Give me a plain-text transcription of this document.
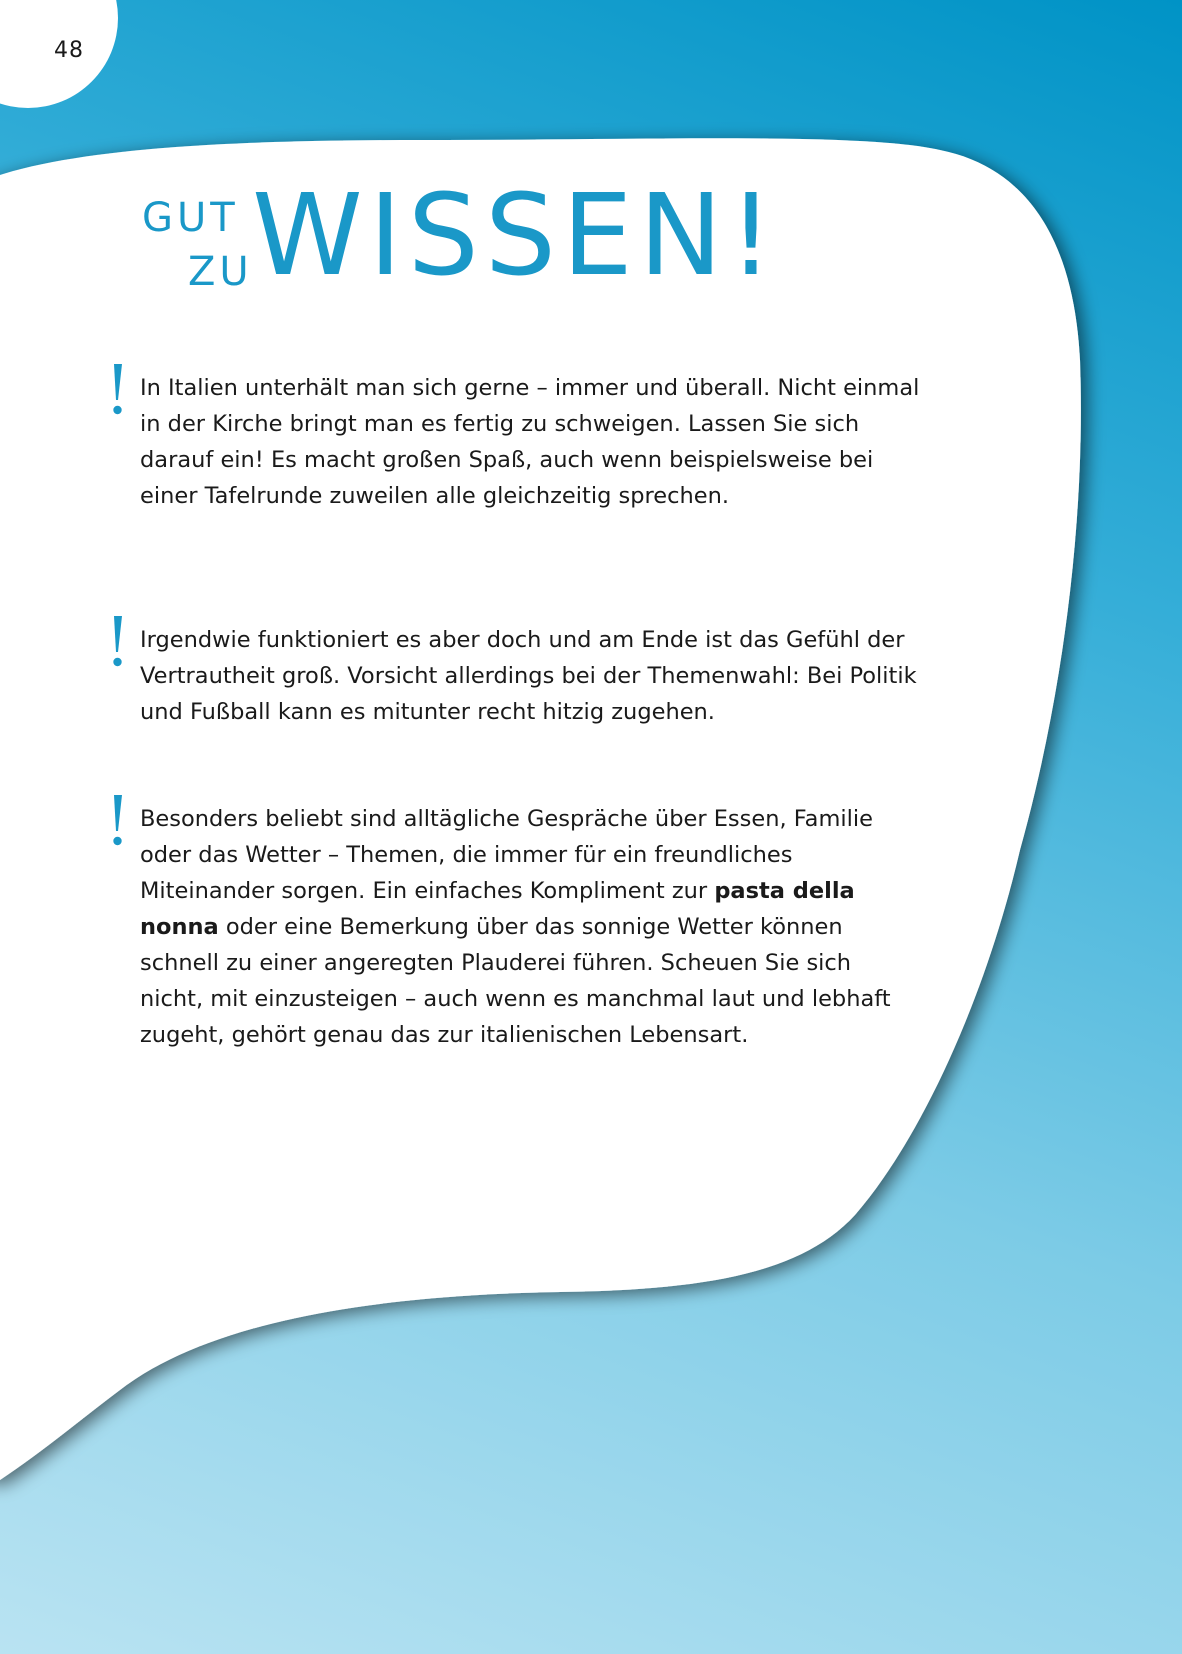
48
GUT
ZU WISSEN!
In Italien unterhält man sich gerne – immer und überall. Nicht einmal in der Kirche bringt man es fertig zu schweigen. Lassen Sie sich darauf ein! Es macht großen Spaß, auch wenn beispielsweise bei einer Tafelrunde zuweilen alle gleichzeitig sprechen.
Irgendwie funktioniert es aber doch und am Ende ist das Gefühl der Vertrautheit groß. Vorsicht allerdings bei der Themenwahl: Bei Politik und Fußball kann es mitunter recht hitzig zugehen.
Besonders beliebt sind alltägliche Gespräche über Essen, Familie oder das Wetter – Themen, die immer für ein freundliches Miteinander sorgen. Ein einfaches Kompliment zur pasta della nonna oder eine Bemerkung über das sonnige Wetter können schnell zu einer angeregten Plauderei führen. Scheuen Sie sich nicht, mit einzusteigen – auch wenn es manchmal laut und lebhaft zugeht, gehört genau das zur italienischen Lebensart.
